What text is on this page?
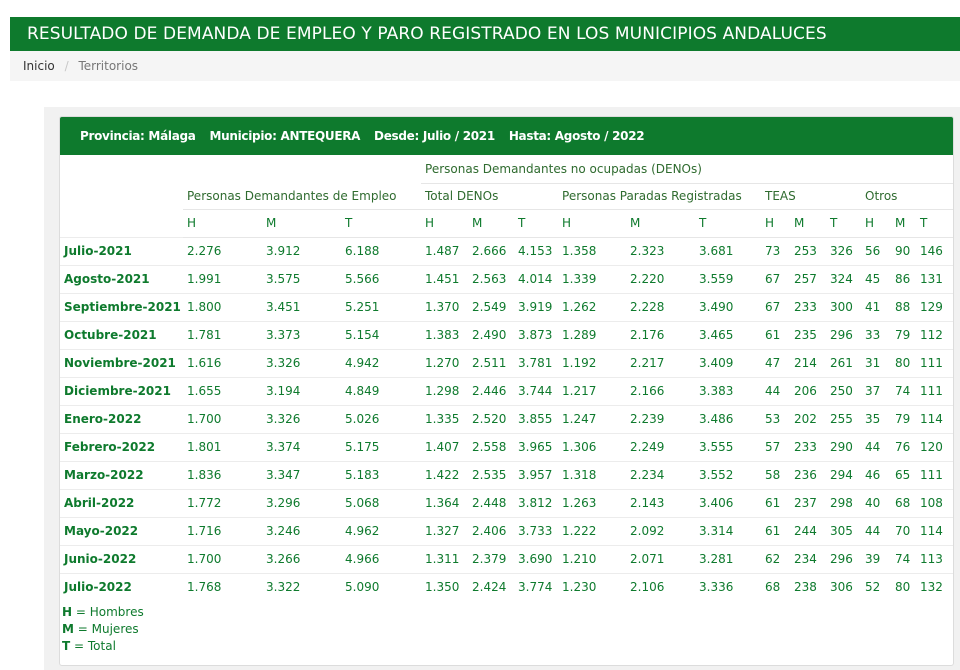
RESULTADO DE DEMANDA DE EMPLEO Y PARO REGISTRADO EN LOS MUNICIPIOS ANDALUCES
Inicio / Territorios
Provincia: Málaga Municipio: ANTEQUERA Desde: Julio / 2021 Hasta: Agosto / 2022
				Personas Demandantes no ocupadas (DENOs)											
	Personas Demandantes de Empleo			Total DENOs			Personas Paradas Registradas			TEAS			Otros		
	H	M	T	H	M	T	H	M	T	H	M	T	H	M	T
Julio-2021	2.276	3.912	6.188	1.487	2.666	4.153	1.358	2.323	3.681	73	253	326	56	90	146
Agosto-2021	1.991	3.575	5.566	1.451	2.563	4.014	1.339	2.220	3.559	67	257	324	45	86	131
Septiembre-2021	1.800	3.451	5.251	1.370	2.549	3.919	1.262	2.228	3.490	67	233	300	41	88	129
Octubre-2021	1.781	3.373	5.154	1.383	2.490	3.873	1.289	2.176	3.465	61	235	296	33	79	112
Noviembre-2021	1.616	3.326	4.942	1.270	2.511	3.781	1.192	2.217	3.409	47	214	261	31	80	111
Diciembre-2021	1.655	3.194	4.849	1.298	2.446	3.744	1.217	2.166	3.383	44	206	250	37	74	111
Enero-2022	1.700	3.326	5.026	1.335	2.520	3.855	1.247	2.239	3.486	53	202	255	35	79	114
Febrero-2022	1.801	3.374	5.175	1.407	2.558	3.965	1.306	2.249	3.555	57	233	290	44	76	120
Marzo-2022	1.836	3.347	5.183	1.422	2.535	3.957	1.318	2.234	3.552	58	236	294	46	65	111
Abril-2022	1.772	3.296	5.068	1.364	2.448	3.812	1.263	2.143	3.406	61	237	298	40	68	108
Mayo-2022	1.716	3.246	4.962	1.327	2.406	3.733	1.222	2.092	3.314	61	244	305	44	70	114
Junio-2022	1.700	3.266	4.966	1.311	2.379	3.690	1.210	2.071	3.281	62	234	296	39	74	113
Julio-2022	1.768	3.322	5.090	1.350	2.424	3.774	1.230	2.106	3.336	68	238	306	52	80	132
H = Hombres
M = Mujeres
T = Total
